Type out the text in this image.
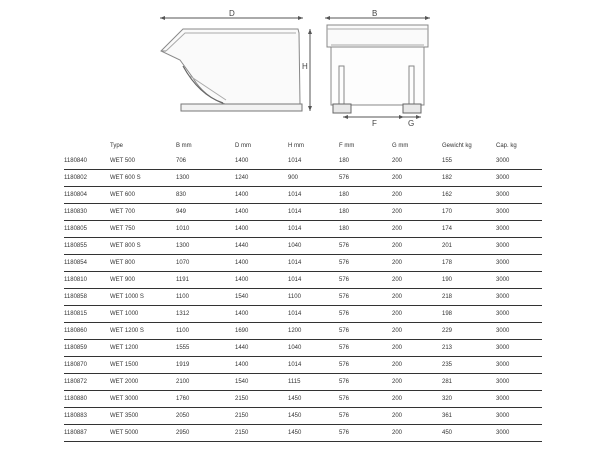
D
H
B
F	G
	Type	B mm	D mm	H mm	F mm	G mm	Gewicht kg	Cap. kg
1180840	WET 500	706	1400	1014	180	200	155	3000
1180802	WET 600 S	1300	1240	900	576	200	182	3000
1180804	WET 600	830	1400	1014	180	200	162	3000
1180830	WET 700	949	1400	1014	180	200	170	3000
1180805	WET 750	1010	1400	1014	180	200	174	3000
1180855	WET 800 S	1300	1440	1040	576	200	201	3000
1180854	WET 800	1070	1400	1014	576	200	178	3000
1180810	WET 900	1191	1400	1014	576	200	190	3000
1180858	WET 1000 S	1100	1540	1100	576	200	218	3000
1180815	WET 1000	1312	1400	1014	576	200	198	3000
1180860	WET 1200 S	1100	1690	1200	576	200	229	3000
1180859	WET 1200	1555	1440	1040	576	200	213	3000
1180870	WET 1500	1919	1400	1014	576	200	235	3000
1180872	WET 2000	2100	1540	1115	576	200	281	3000
1180880	WET 3000	1760	2150	1450	576	200	320	3000
1180883	WET 3500	2050	2150	1450	576	200	361	3000
1180887	WET 5000	2950	2150	1450	576	200	450	3000
